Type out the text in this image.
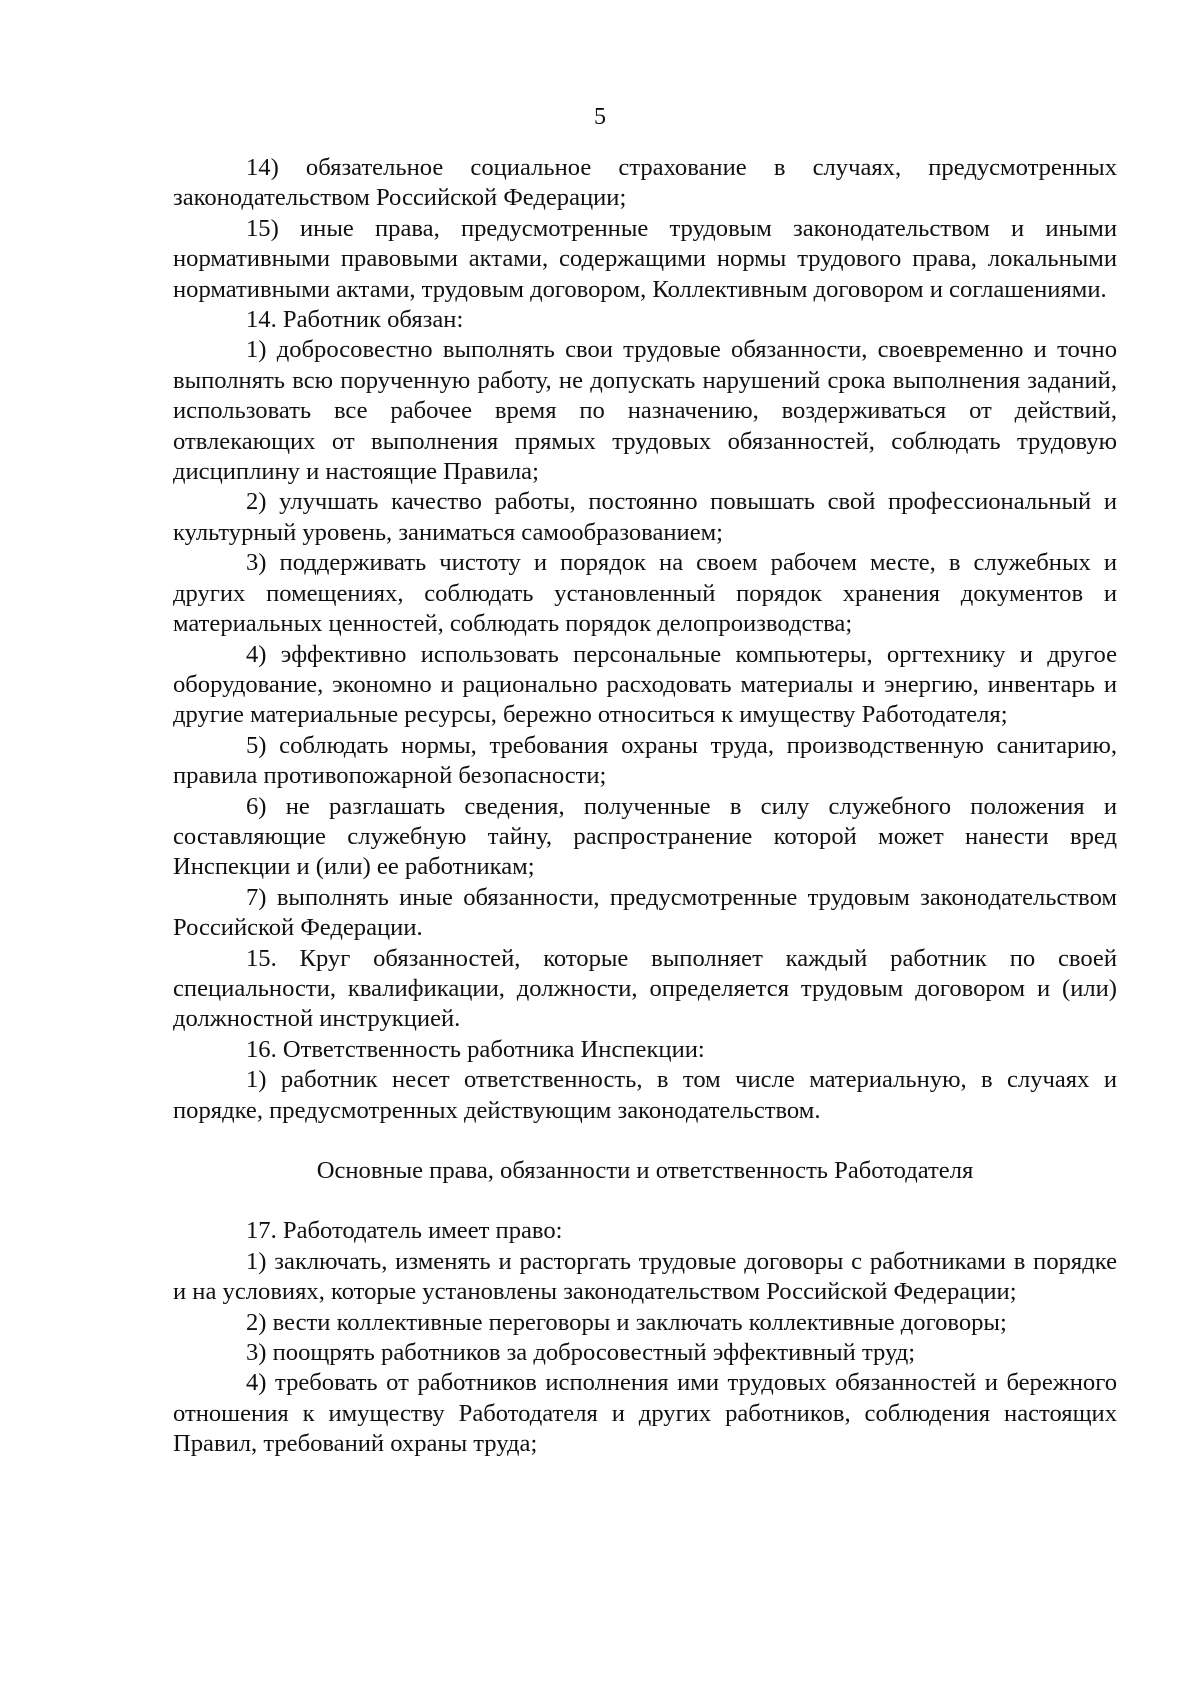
5

14) обязательное социальное страхование в случаях, предусмотренных законодательством Российской Федерации;

15) иные права, предусмотренные трудовым законодательством и иными нормативными правовыми актами, содержащими нормы трудового права, локальными нормативными актами, трудовым договором, Коллективным договором и соглашениями.

14. Работник обязан:

1) добросовестно выполнять свои трудовые обязанности, своевременно и точно выполнять всю порученную работу, не допускать нарушений срока выполнения заданий, использовать все рабочее время по назначению, воздерживаться от действий, отвлекающих от выполнения прямых трудовых обязанностей, соблюдать трудовую дисциплину и настоящие Правила;

2) улучшать качество работы, постоянно повышать свой профессиональный и культурный уровень, заниматься самообразованием;

3) поддерживать чистоту и порядок на своем рабочем месте, в служебных и других помещениях, соблюдать установленный порядок хранения документов и материальных ценностей, соблюдать порядок делопроизводства;

4) эффективно использовать персональные компьютеры, оргтехнику и другое оборудование, экономно и рационально расходовать материалы и энергию, инвентарь и другие материальные ресурсы, бережно относиться к имуществу Работодателя;

5) соблюдать нормы, требования охраны труда, производственную санитарию, правила противопожарной безопасности;

6) не разглашать сведения, полученные в силу служебного положения и составляющие служебную тайну, распространение которой может нанести вред Инспекции и (или) ее работникам;

7) выполнять иные обязанности, предусмотренные трудовым законодательством Российской Федерации.

15. Круг обязанностей, которые выполняет каждый работник по своей специальности, квалификации, должности, определяется трудовым договором и (или) должностной инструкцией.

16. Ответственность работника Инспекции:

1) работник несет ответственность, в том числе материальную, в случаях и порядке, предусмотренных действующим законодательством.

Основные права, обязанности и ответственность Работодателя

17. Работодатель имеет право:

1) заключать, изменять и расторгать трудовые договоры с работниками в порядке и на условиях, которые установлены законодательством Российской Федерации;

2) вести коллективные переговоры и заключать коллективные договоры;

3) поощрять работников за добросовестный эффективный труд;

4) требовать от работников исполнения ими трудовых обязанностей и бережного отношения к имуществу Работодателя и других работников, соблюдения настоящих Правил, требований охраны труда;
